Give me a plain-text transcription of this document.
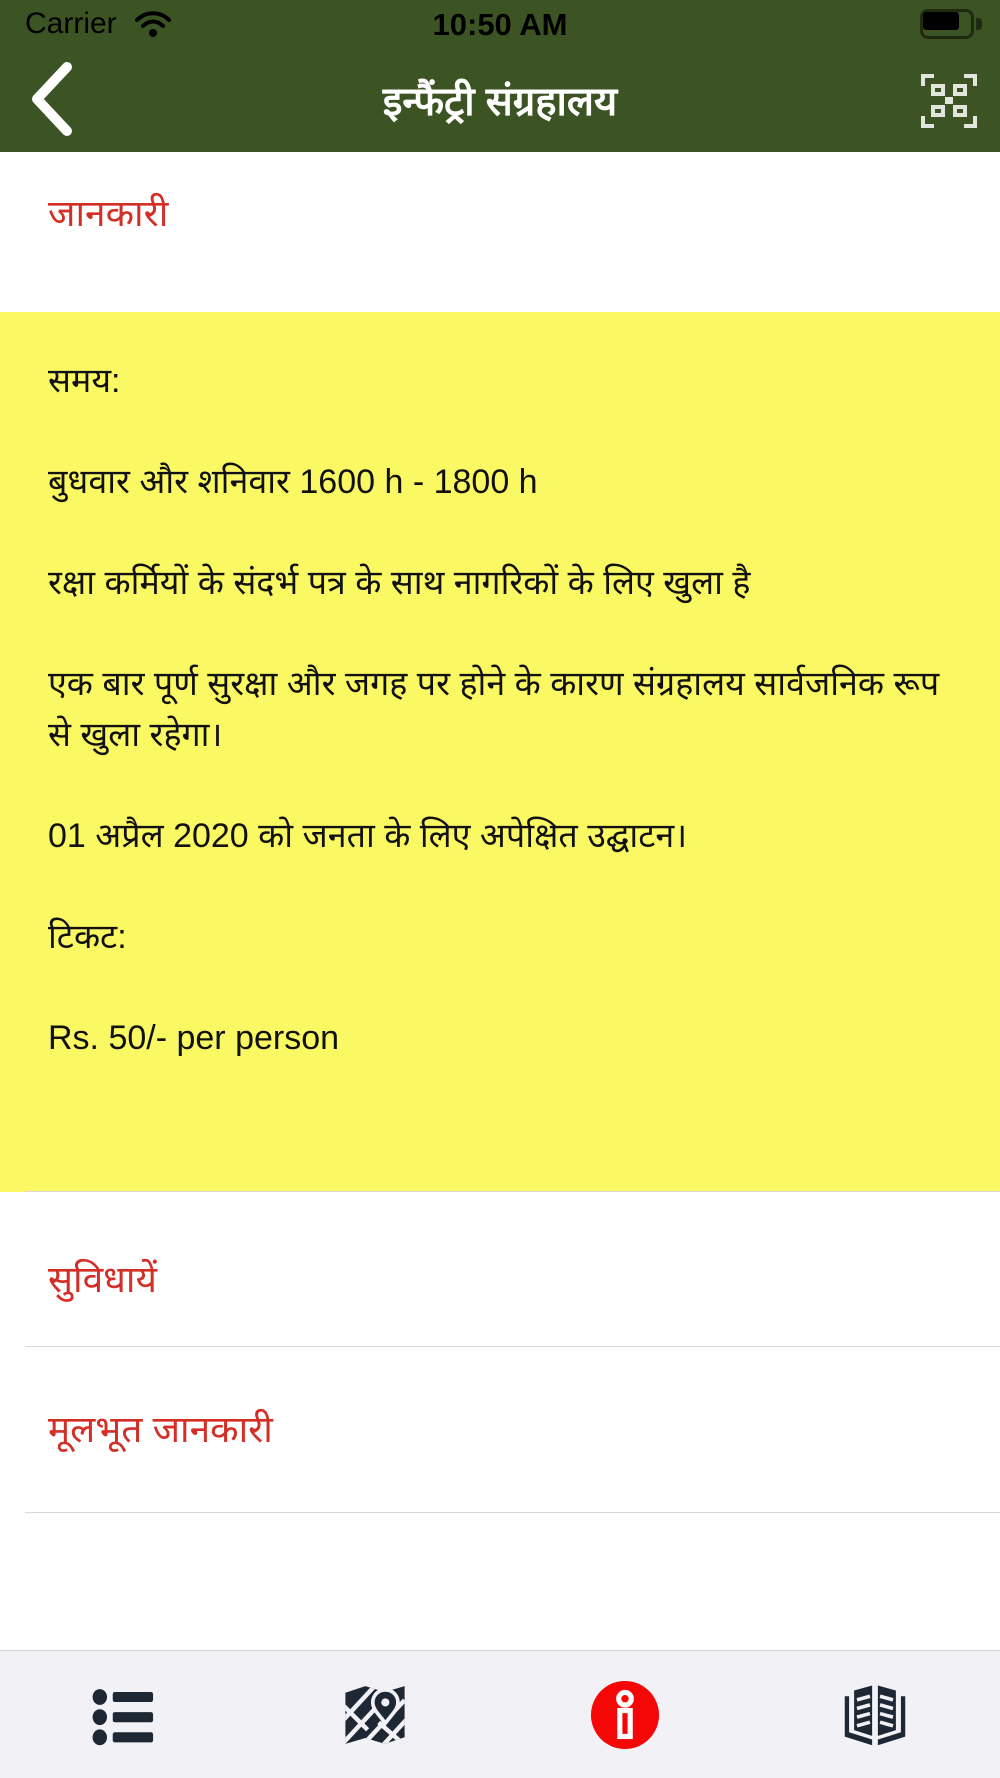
Carrier	10:50 AM
इन्फैंट्री संग्रहालय
जानकारी

समय:

बुधवार और शनिवार 1600 h - 1800 h

रक्षा कर्मियों के संदर्भ पत्र के साथ नागरिकों के लिए खुला है

एक बार पूर्ण सुरक्षा और जगह पर होने के कारण संग्रहालय सार्वजनिक रूप से खुला रहेगा।

01 अप्रैल 2020 को जनता के लिए अपेक्षित उद्घाटन।

टिकट:

Rs. 50/- per person

सुविधायें
मूलभूत जानकारी
